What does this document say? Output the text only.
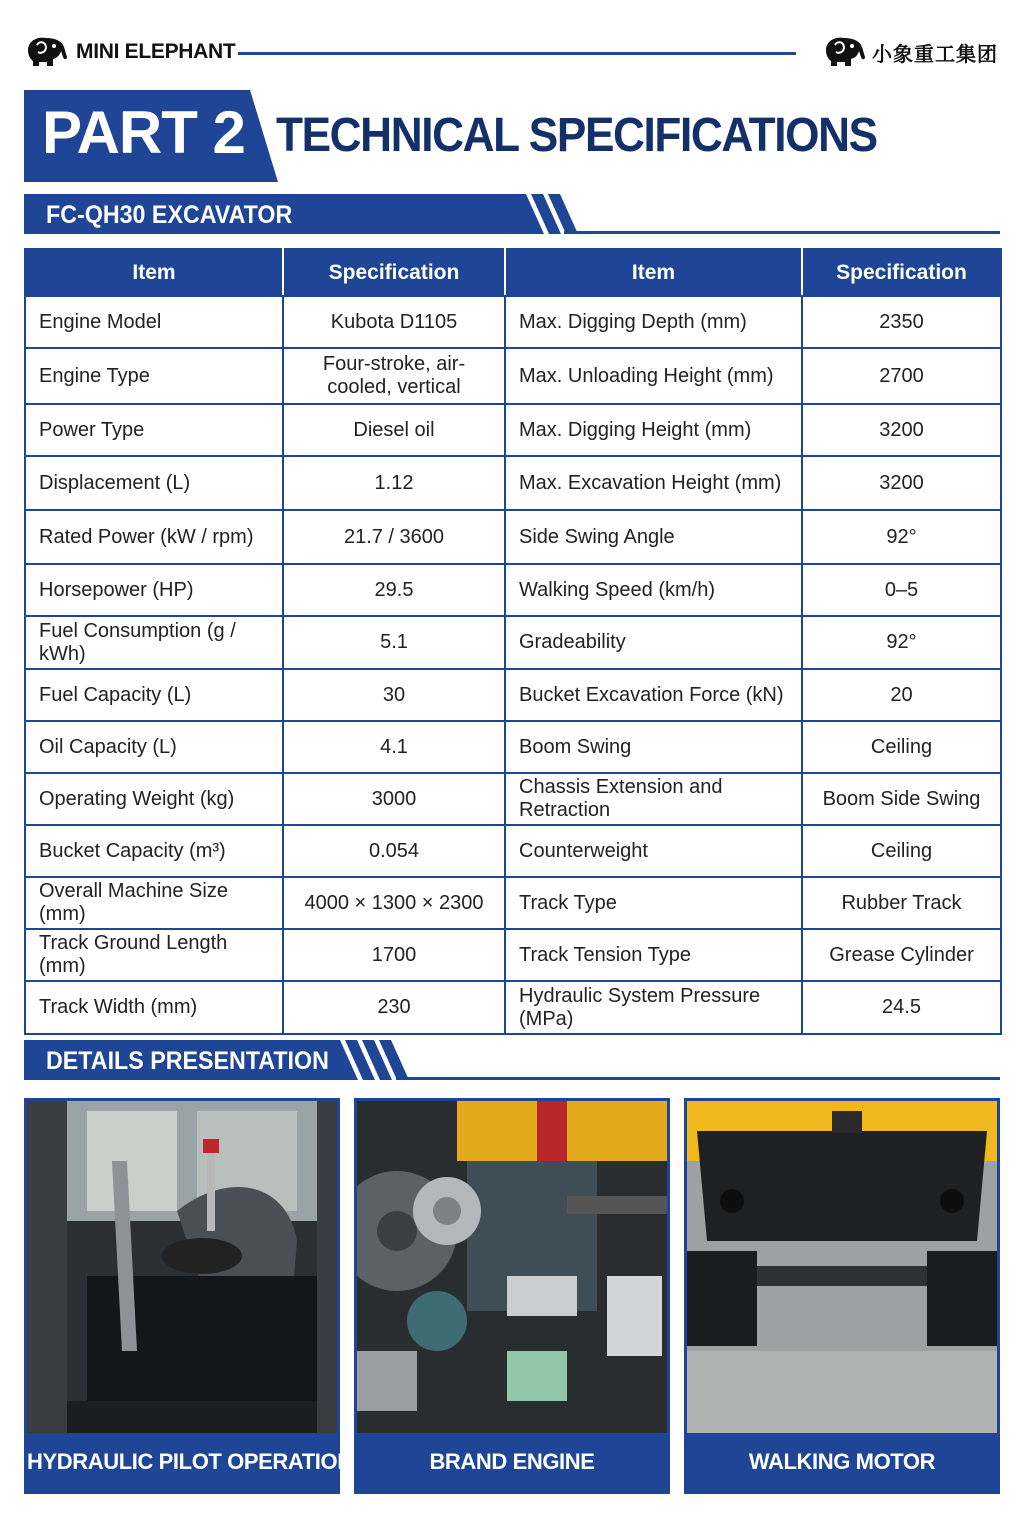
MINI ELEPHANT	小象重工集团
PART 2 TECHNICAL SPECIFICATIONS
FC-QH30 EXCAVATOR
Item	Specification	Item	Specification
Engine Model	Kubota D1105	Max. Digging Depth (mm)	2350
Engine Type	Four-stroke, air-cooled, vertical	Max. Unloading Height (mm)	2700
Power Type	Diesel oil	Max. Digging Height (mm)	3200
Displacement (L)	1.12	Max. Excavation Height (mm)	3200
Rated Power (kW / rpm)	21.7 / 3600	Side Swing Angle	92°
Horsepower (HP)	29.5	Walking Speed (km/h)	0–5
Fuel Consumption (g / kWh)	5.1	Gradeability	92°
Fuel Capacity (L)	30	Bucket Excavation Force (kN)	20
Oil Capacity (L)	4.1	Boom Swing	Ceiling
Operating Weight (kg)	3000	Chassis Extension and Retraction	Boom Side Swing
Bucket Capacity (m³)	0.054	Counterweight	Ceiling
Overall Machine Size (mm)	4000 × 1300 × 2300	Track Type	Rubber Track
Track Ground Length (mm)	1700	Track Tension Type	Grease Cylinder
Track Width (mm)	230	Hydraulic System Pressure (MPa)	24.5
DETAILS PRESENTATION
HYDRAULIC PILOT OPERATION	BRAND ENGINE	WALKING MOTOR
